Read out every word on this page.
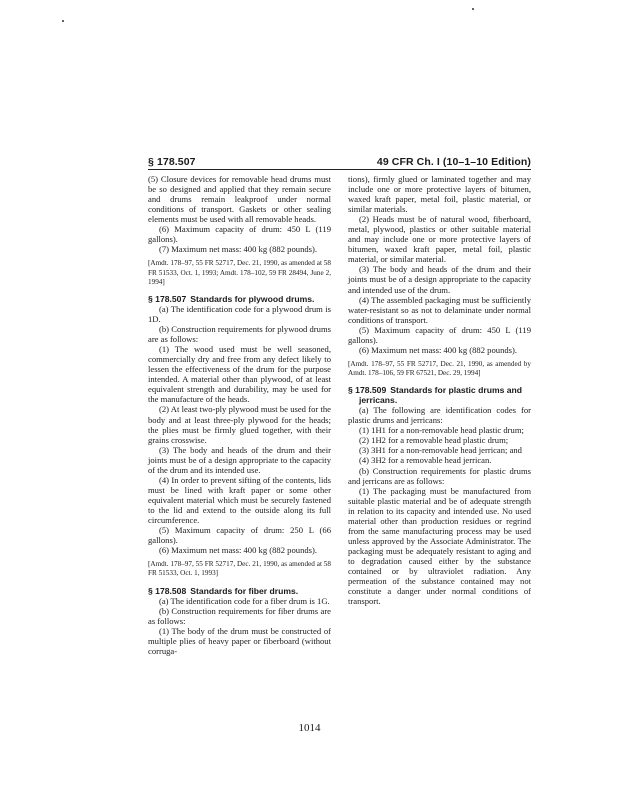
§ 178.507	49 CFR Ch. I (10–1–10 Edition)

(5) Closure devices for removable head drums must be so designed and applied that they remain secure and drums remain leakproof under normal conditions of transport. Gaskets or other sealing elements must be used with all removable heads.

(6) Maximum capacity of drum: 450 L (119 gallons).

(7) Maximum net mass: 400 kg (882 pounds).

[Amdt. 178–97, 55 FR 52717, Dec. 21, 1990, as amended at 58 FR 51533, Oct. 1, 1993; Amdt. 178–102, 59 FR 28494, June 2, 1994]

§ 178.507 Standards for plywood drums.

(a) The identification code for a plywood drum is 1D.

(b) Construction requirements for plywood drums are as follows:

(1) The wood used must be well seasoned, commercially dry and free from any defect likely to lessen the effectiveness of the drum for the purpose intended. A material other than plywood, of at least equivalent strength and durability, may be used for the manufacture of the heads.

(2) At least two-ply plywood must be used for the body and at least three-ply plywood for the heads; the plies must be firmly glued together, with their grains crosswise.

(3) The body and heads of the drum and their joints must be of a design appropriate to the capacity of the drum and its intended use.

(4) In order to prevent sifting of the contents, lids must be lined with kraft paper or some other equivalent material which must be securely fastened to the lid and extend to the outside along its full circumference.

(5) Maximum capacity of drum: 250 L (66 gallons).

(6) Maximum net mass: 400 kg (882 pounds).

[Amdt. 178–97, 55 FR 52717, Dec. 21, 1990, as amended at 58 FR 51533, Oct. 1, 1993]

§ 178.508 Standards for fiber drums.

(a) The identification code for a fiber drum is 1G.

(b) Construction requirements for fiber drums are as follows:

(1) The body of the drum must be constructed of multiple plies of heavy paper or fiberboard (without corruga-

tions), firmly glued or laminated together and may include one or more protective layers of bitumen, waxed kraft paper, metal foil, plastic material, or similar materials.

(2) Heads must be of natural wood, fiberboard, metal, plywood, plastics or other suitable material and may include one or more protective layers of bitumen, waxed kraft paper, metal foil, plastic material, or similar material.

(3) The body and heads of the drum and their joints must be of a design appropriate to the capacity and intended use of the drum.

(4) The assembled packaging must be sufficiently water-resistant so as not to delaminate under normal conditions of transport.

(5) Maximum capacity of drum: 450 L (119 gallons).

(6) Maximum net mass: 400 kg (882 pounds).

[Amdt. 178–97, 55 FR 52717, Dec. 21, 1990, as amended by Amdt. 178–106, 59 FR 67521, Dec. 29, 1994]

§ 178.509 Standards for plastic drums and jerricans.

(a) The following are identification codes for plastic drums and jerricans:

(1) 1H1 for a non-removable head plastic drum;

(2) 1H2 for a removable head plastic drum;

(3) 3H1 for a non-removable head jerrican; and

(4) 3H2 for a removable head jerrican.

(b) Construction requirements for plastic drums and jerricans are as follows:

(1) The packaging must be manufactured from suitable plastic material and be of adequate strength in relation to its capacity and intended use. No used material other than production residues or regrind from the same manufacturing process may be used unless approved by the Associate Administrator. The packaging must be adequately resistant to aging and to degradation caused either by the substance contained or by ultraviolet radiation. Any permeation of the substance contained may not constitute a danger under normal conditions of transport.

1014
